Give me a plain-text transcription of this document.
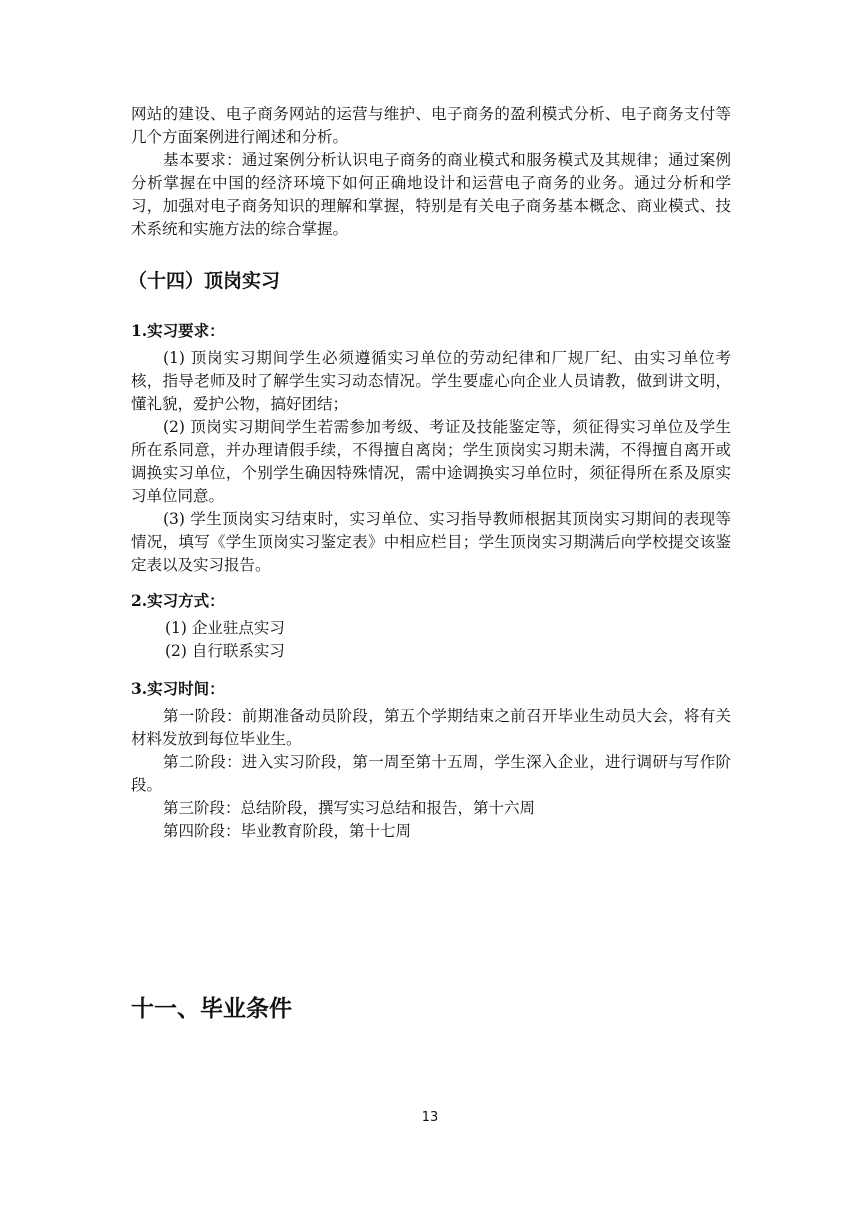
网站的建设、电子商务网站的运营与维护、电子商务的盈利模式分析、电子商务支付等几个方面案例进行阐述和分析。
基本要求：通过案例分析认识电子商务的商业模式和服务模式及其规律；通过案例分析掌握在中国的经济环境下如何正确地设计和运营电子商务的业务。通过分析和学习，加强对电子商务知识的理解和掌握，特别是有关电子商务基本概念、商业模式、技术系统和实施方法的综合掌握。
（十四）顶岗实习
1.实习要求：
(1) 顶岗实习期间学生必须遵循实习单位的劳动纪律和厂规厂纪、由实习单位考核，指导老师及时了解学生实习动态情况。学生要虚心向企业人员请教，做到讲文明，懂礼貌，爱护公物，搞好团结；
(2) 顶岗实习期间学生若需参加考级、考证及技能鉴定等，须征得实习单位及学生所在系同意，并办理请假手续，不得擅自离岗；学生顶岗实习期未满，不得擅自离开或调换实习单位，个别学生确因特殊情况，需中途调换实习单位时，须征得所在系及原实习单位同意。
(3) 学生顶岗实习结束时，实习单位、实习指导教师根据其顶岗实习期间的表现等情况，填写《学生顶岗实习鉴定表》中相应栏目；学生顶岗实习期满后向学校提交该鉴定表以及实习报告。
2.实习方式：
(1) 企业驻点实习
(2) 自行联系实习
3.实习时间：
第一阶段：前期准备动员阶段，第五个学期结束之前召开毕业生动员大会，将有关材料发放到每位毕业生。
第二阶段：进入实习阶段，第一周至第十五周，学生深入企业，进行调研与写作阶段。
第三阶段：总结阶段，撰写实习总结和报告，第十六周
第四阶段：毕业教育阶段，第十七周
十一、毕业条件
13
